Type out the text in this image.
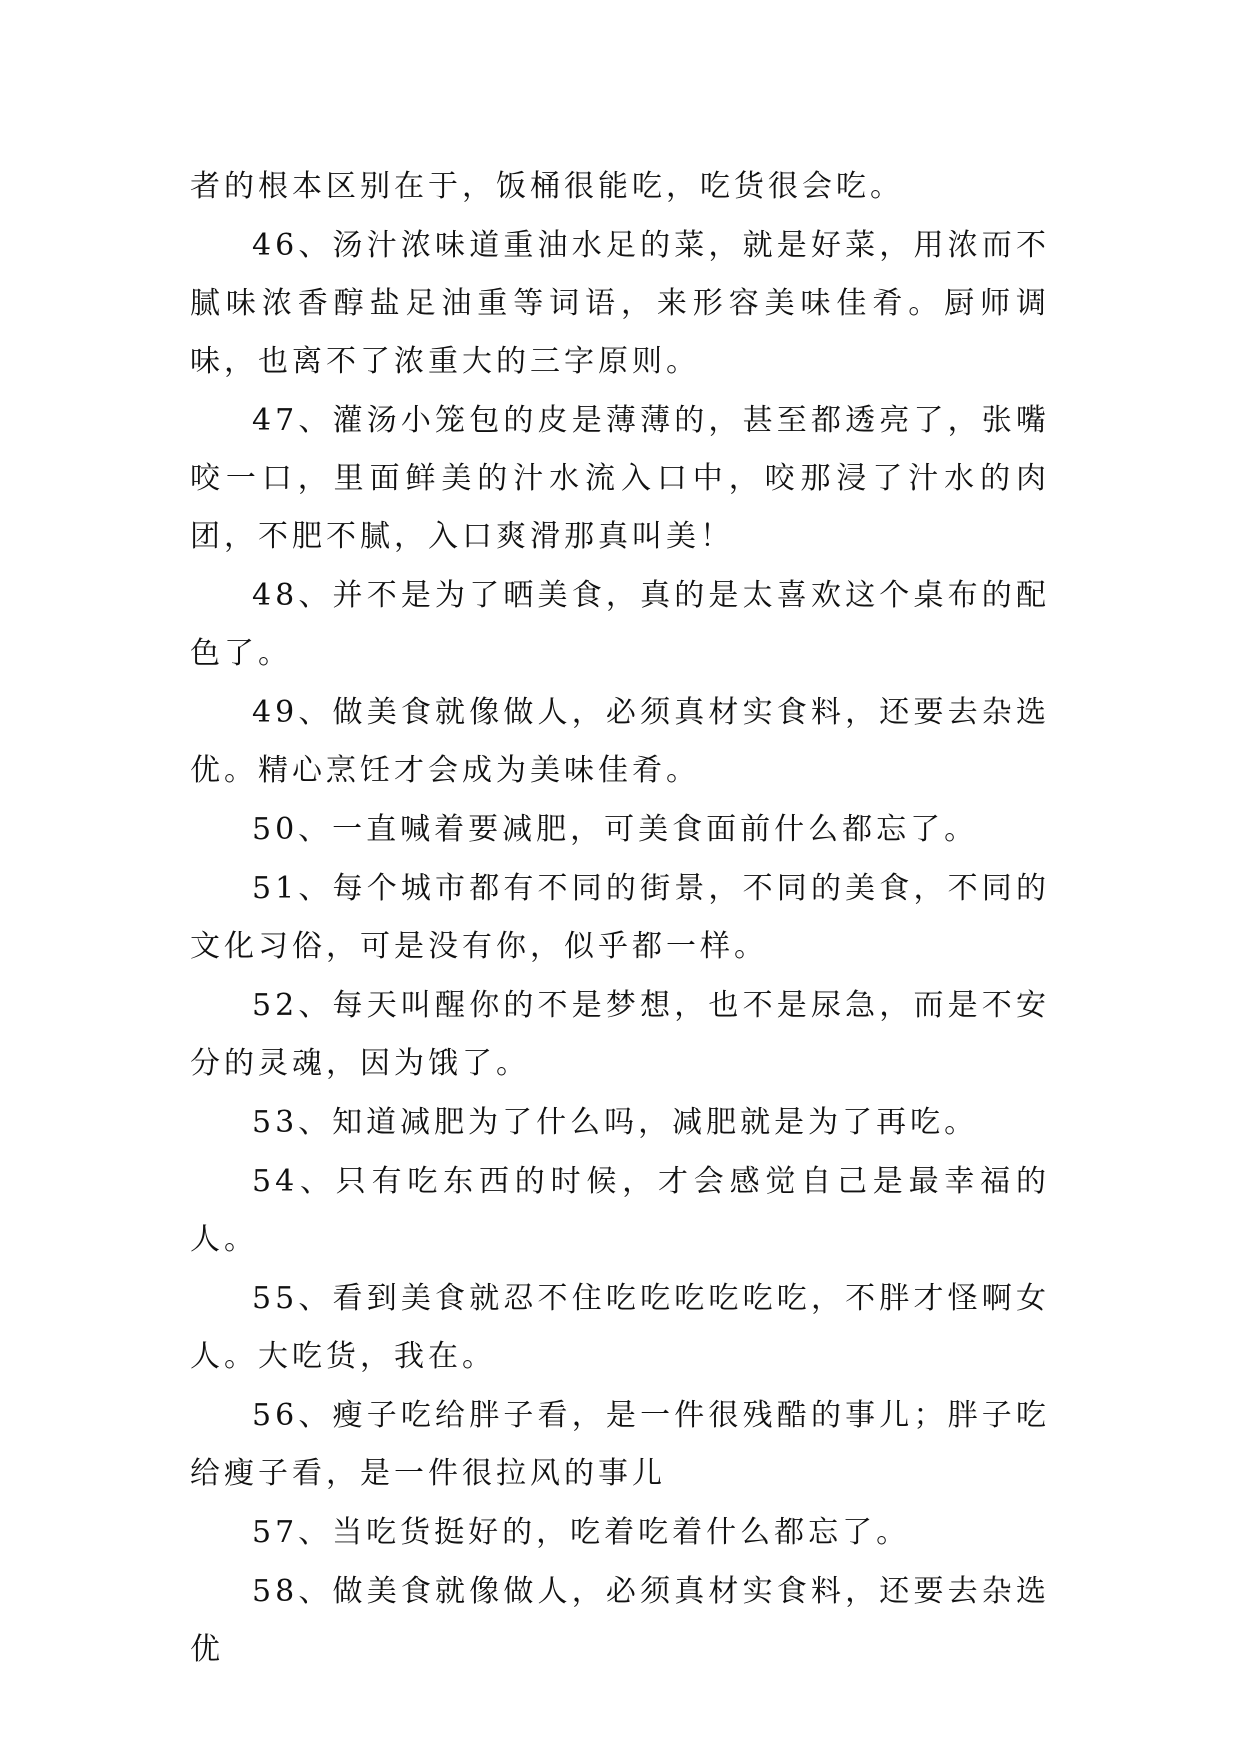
者的根本区别在于，饭桶很能吃，吃货很会吃。

46、汤汁浓味道重油水足的菜，就是好菜，用浓而不腻味浓香醇盐足油重等词语，来形容美味佳肴。厨师调味，也离不了浓重大的三字原则。

47、灌汤小笼包的皮是薄薄的，甚至都透亮了，张嘴咬一口，里面鲜美的汁水流入口中，咬那浸了汁水的肉团，不肥不腻，入口爽滑那真叫美！

48、并不是为了晒美食，真的是太喜欢这个桌布的配色了。

49、做美食就像做人，必须真材实食料，还要去杂选优。精心烹饪才会成为美味佳肴。

50、一直喊着要减肥，可美食面前什么都忘了。

51、每个城市都有不同的街景，不同的美食，不同的文化习俗，可是没有你，似乎都一样。

52、每天叫醒你的不是梦想，也不是尿急，而是不安分的灵魂，因为饿了。

53、知道减肥为了什么吗，减肥就是为了再吃。

54、只有吃东西的时候，才会感觉自己是最幸福的人。

55、看到美食就忍不住吃吃吃吃吃吃，不胖才怪啊女人。大吃货，我在。

56、瘦子吃给胖子看，是一件很残酷的事儿；胖子吃给瘦子看，是一件很拉风的事儿

57、当吃货挺好的，吃着吃着什么都忘了。

58、做美食就像做人，必须真材实食料，还要去杂选优
